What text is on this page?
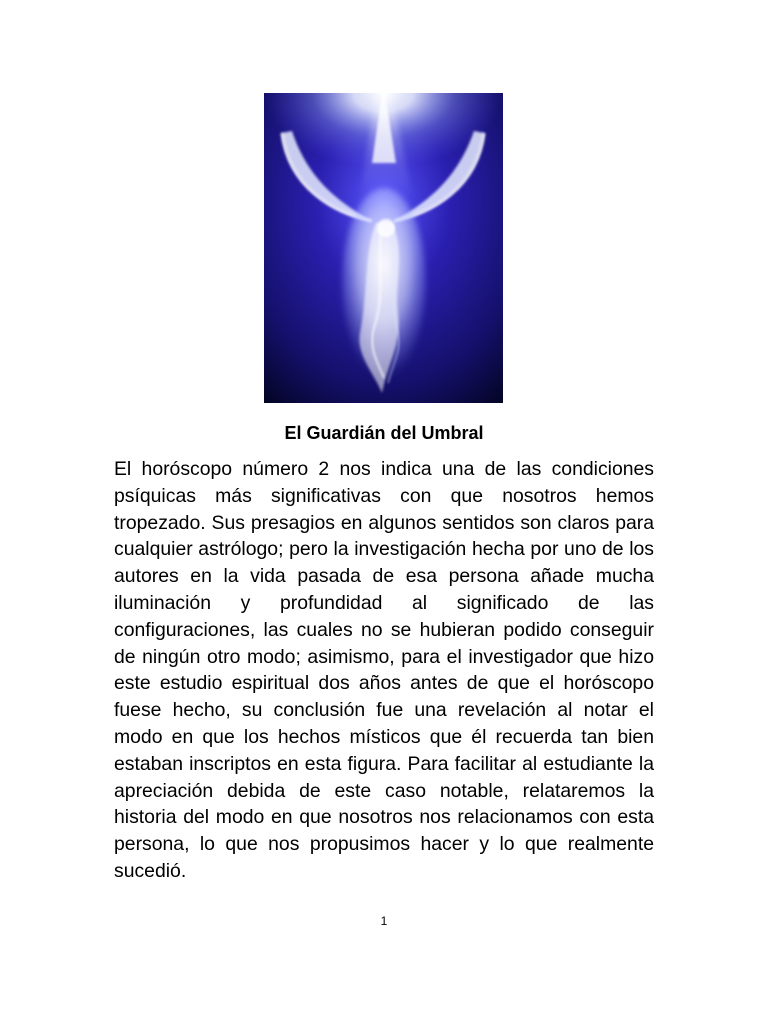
El Guardián del Umbral

El horóscopo número 2 nos indica una de las condiciones psíquicas más significativas con que nosotros hemos tropezado. Sus presagios en algunos sentidos son claros para cualquier astrólogo; pero la investigación hecha por uno de los autores en la vida pasada de esa persona añade mucha iluminación y profundidad al significado de las configuraciones, las cuales no se hubieran podido conseguir de ningún otro modo; asimismo, para el investigador que hizo este estudio espiritual dos años antes de que el horóscopo fuese hecho, su conclusión fue una revelación al notar el modo en que los hechos místicos que él recuerda tan bien estaban inscriptos en esta figura. Para facilitar al estudiante la apreciación debida de este caso notable, relataremos la historia del modo en que nosotros nos relacionamos con esta persona, lo que nos propusimos hacer y lo que realmente sucedió.

1
